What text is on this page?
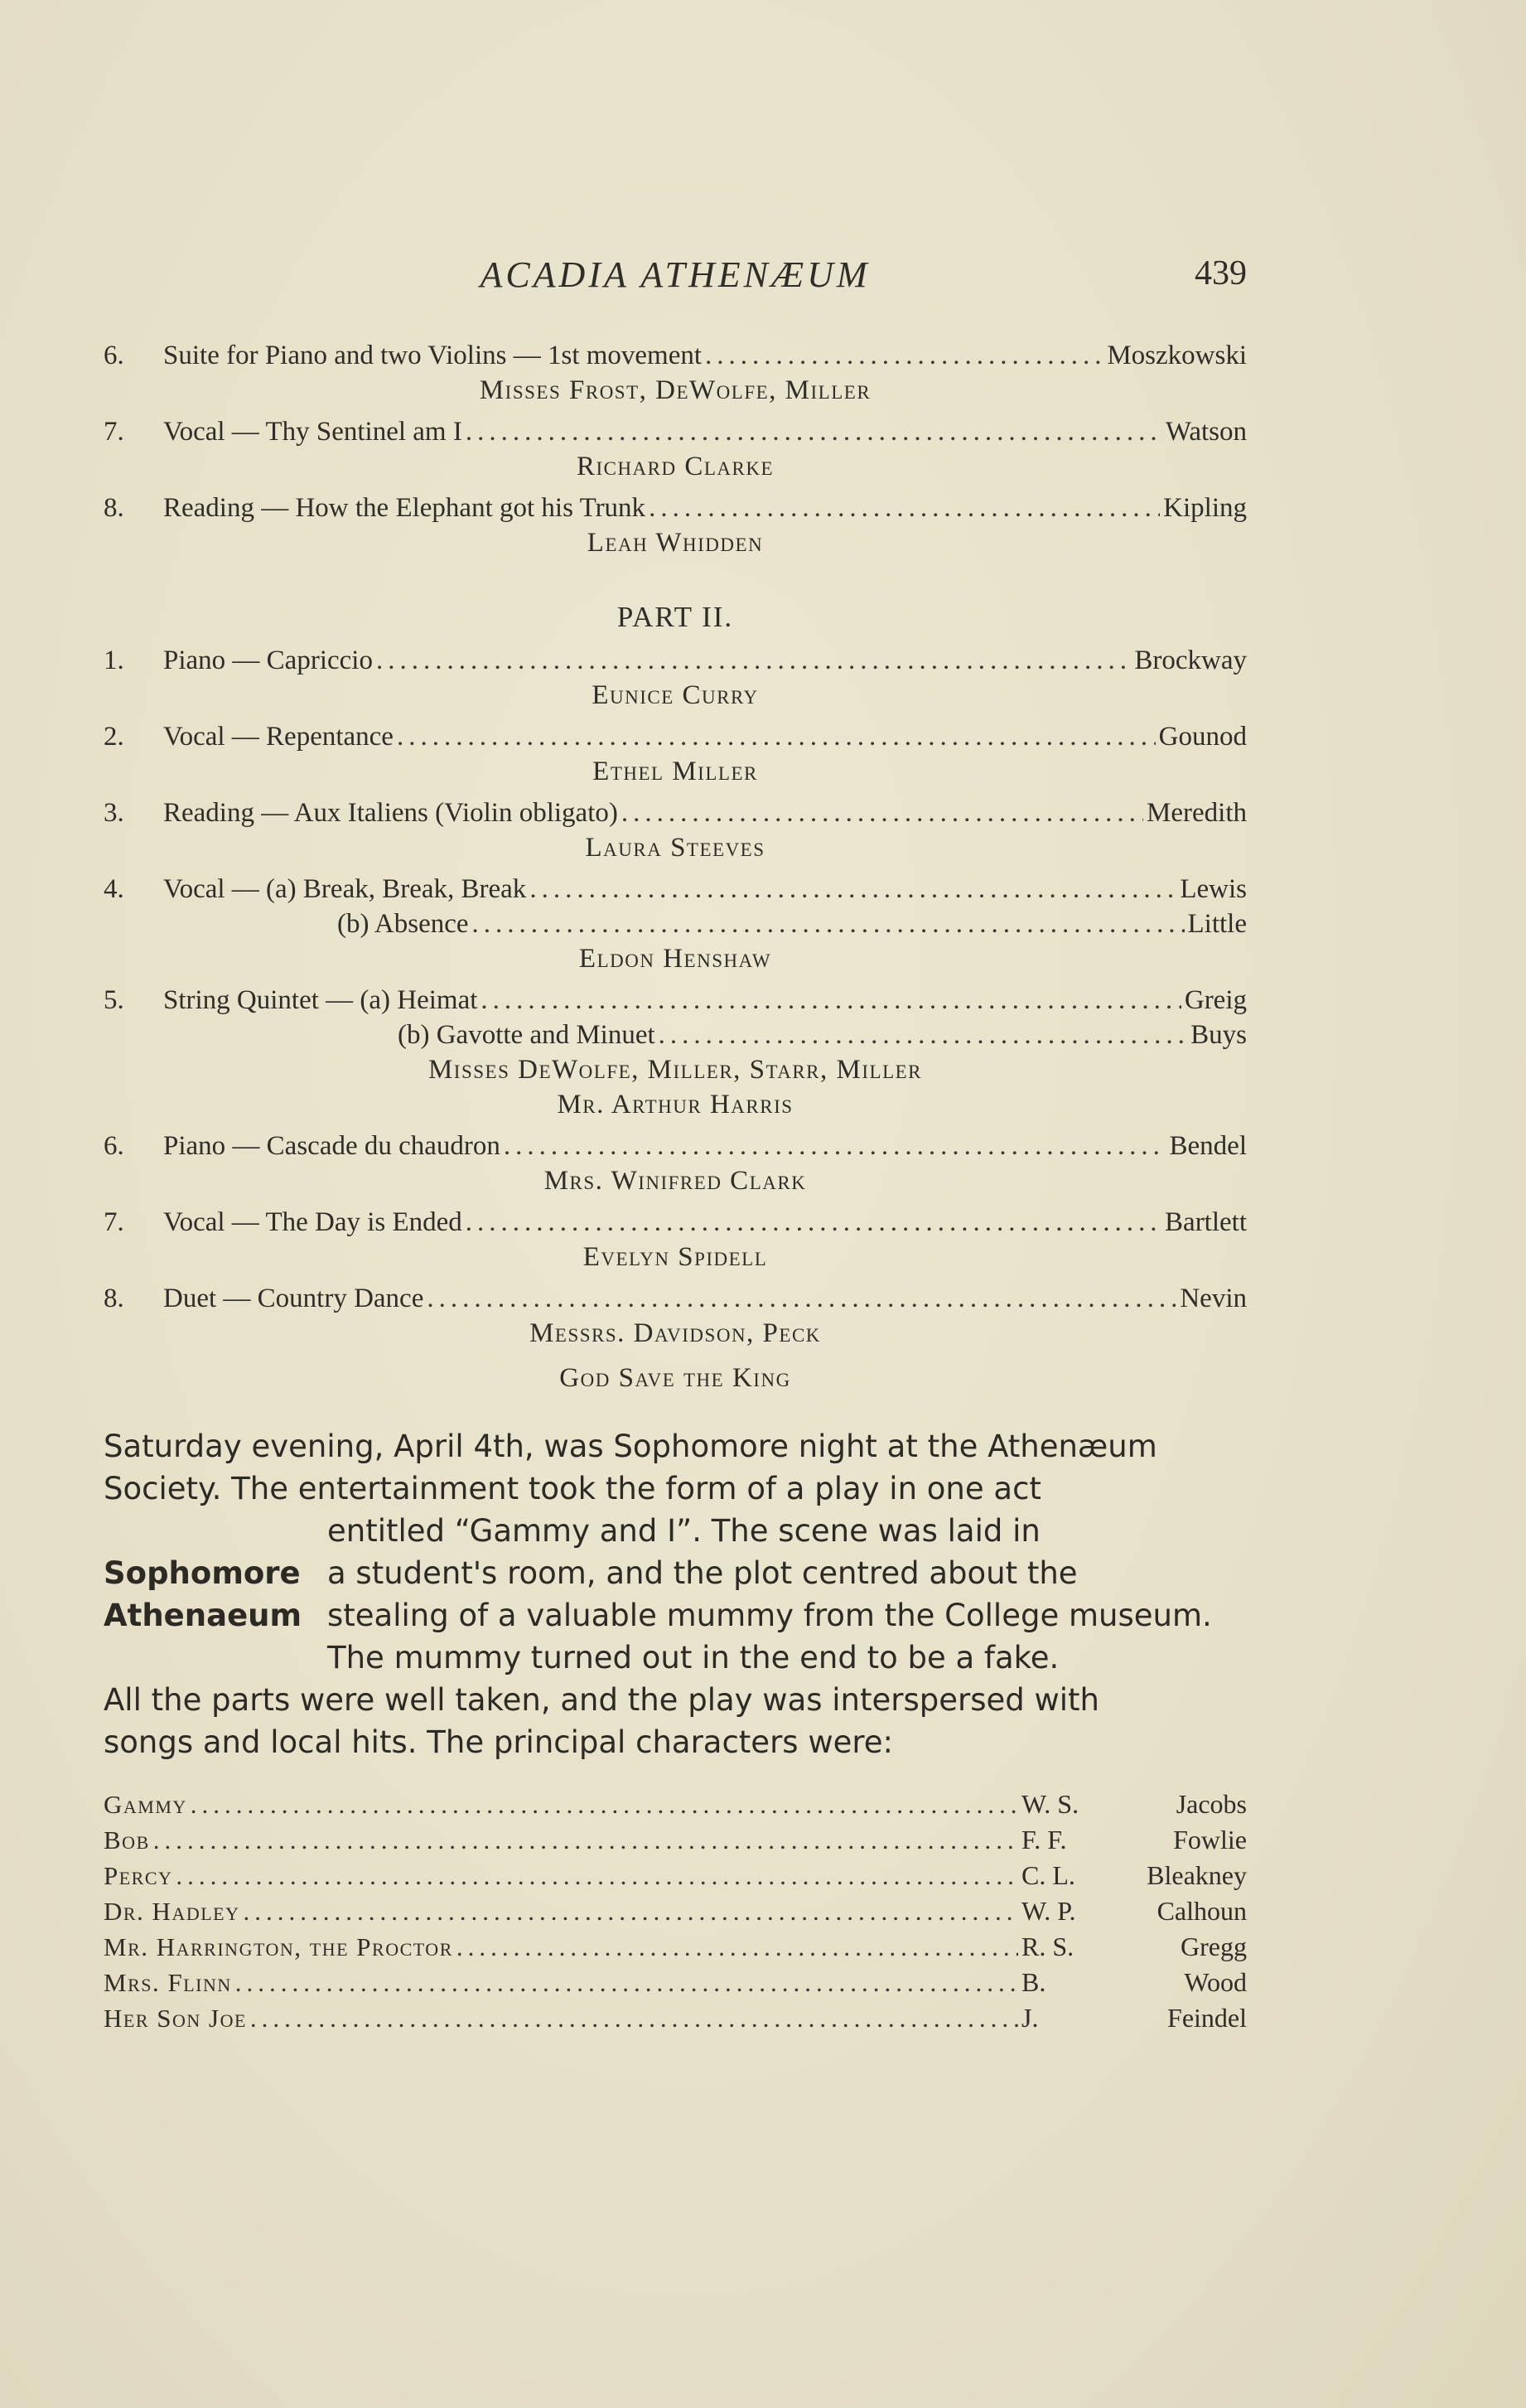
ACADIA ATHENÆUM	439
6.	Suite for Piano and two Violins — 1st movement .....	Moszkowski
Misses Frost, DeWolfe, Miller
7.	Vocal — Thy Sentinel am I .....	Watson
Richard Clarke
8.	Reading — How the Elephant got his Trunk .....	Kipling
Leah Whidden
PART II.
1.	Piano — Capriccio .....	Brockway
Eunice Curry
2.	Vocal — Repentance .....	Gounod
Ethel Miller
3.	Reading — Aux Italiens (Violin obligato) .....	Meredith
Laura Steeves
4.	Vocal — (a) Break, Break, Break .....	Lewis
(b) Absence .....	Little
Eldon Henshaw
5.	String Quintet — (a) Heimat .....	Greig
(b) Gavotte and Minuet .....	Buys
Misses DeWolfe, Miller, Starr, Miller
Mr. Arthur Harris
6.	Piano — Cascade du chaudron .....	Bendel
Mrs. Winifred Clark
7.	Vocal — The Day is Ended .....	Bartlett
Evelyn Spidell
8.	Duet — Country Dance .....	Nevin
Messrs. Davidson, Peck
God Save the King
Saturday evening, April 4th, was Sophomore night at the Athenæum
Society. The entertainment took the form of a play in one act
entitled “Gammy and I”. The scene was laid in
Sophomore a student's room, and the plot centred about the
Athenaeum stealing of a valuable mummy from the College museum.
The mummy turned out in the end to be a fake.
All the parts were well taken, and the play was interspersed with
songs and local hits. The principal characters were:
Gammy .....	W. S.	Jacobs
Bob .....	F. F.	Fowlie
Percy .....	C. L.	Bleakney
Dr. Hadley .....	W. P.	Calhoun
Mr. Harrington, the Proctor .....	R. S.	Gregg
Mrs. Flinn .....	B.	Wood
Her Son Joe .....	J.	Feindel
